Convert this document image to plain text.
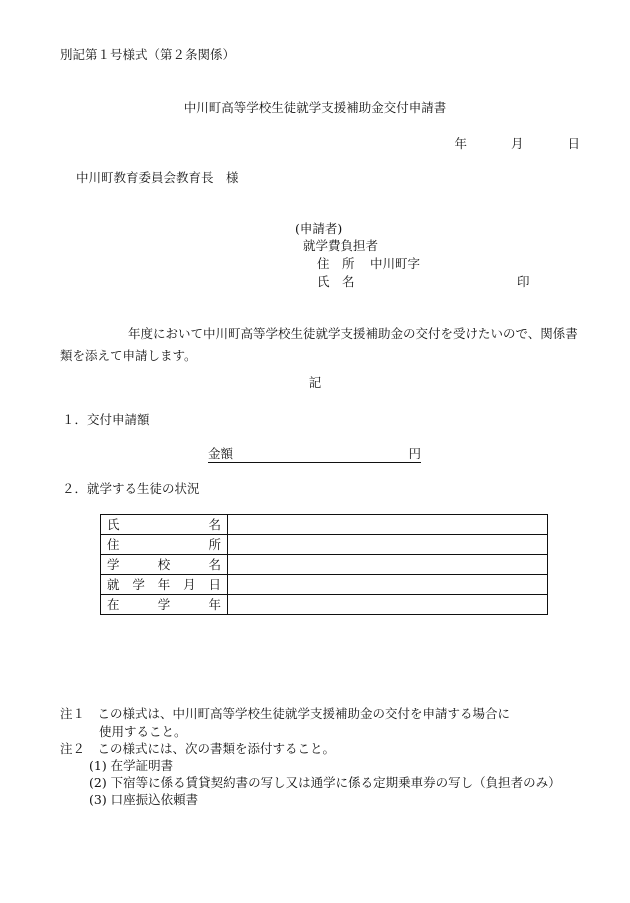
別記第１号様式（第２条関係）
中川町高等学校生徒就学支援補助金交付申請書
年	月	日
中川町教育委員会教育長　様
(申請者)
就学費負担者
住　所 中川町字
氏　名	印
年度において中川町高等学校生徒就学支援補助金の交付を受けたいので、関係書類を添えて申請します。
記
１．交付申請額
金額	円
２．就学する生徒の状況
氏 名	

住 所	

学 校 名	

就 学 年 月 日	

在 学 年	

注１　この様式は、中川町高等学校生徒就学支援補助金の交付を申請する場合に
使用すること。
注２　この様式には、次の書類を添付すること。
(1) 在学証明書
(2) 下宿等に係る賃貸契約書の写し又は通学に係る定期乗車券の写し（負担者のみ）
(3) 口座振込依頼書
